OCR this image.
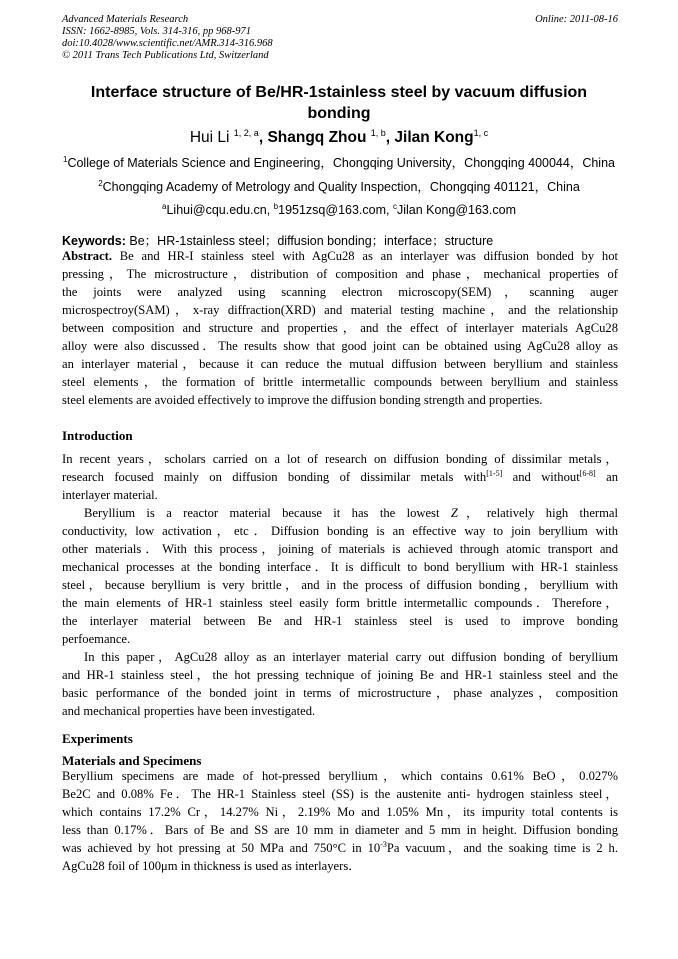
Advanced Materials Research
ISSN: 1662-8985, Vols. 314-316, pp 968-971
doi:10.4028/www.scientific.net/AMR.314-316.968
© 2011 Trans Tech Publications Ltd, Switzerland
Online: 2011-08-16
Interface structure of Be/HR-1stainless steel by vacuum diffusion
bonding
Hui Li $^{1, 2, a}$, Shangq Zhou $^{1, b}$, Jilan Kong$^{1, c}$
$^1$College of Materials Science and Engineering，Chongqing University，Chongqing 400044，China
$^2$Chongqing Academy of Metrology and Quality Inspection，Chongqing 401121，China
$^a$Lihui@cqu.edu.cn, $^b$1951zsq@163.com, $^c$Jilan Kong@163.com
Keywords: Be；HR-1stainless steel；diffusion bonding；interface；structure
Abstract. Be and HR-I stainless steel with AgCu28 as an interlayer was diffusion bonded by hot
pressing，The microstructure，distribution of composition and phase，mechanical properties of
the joints were analyzed using scanning electron microscopy(SEM)，scanning auger
microspectroy(SAM)，x-ray diffraction(XRD) and material testing machine，and the relationship
between composition and structure and properties，and the effect of interlayer materials AgCu28
alloy were also discussed．The results show that good joint can be obtained using AgCu28 alloy as
an interlayer material，because it can reduce the mutual diffusion between beryllium and stainless
steel elements，the formation of brittle intermetallic compounds between beryllium and stainless
steel elements are avoided effectively to improve the diffusion bonding strength and properties.
Introduction
In recent years，scholars carried on a lot of research on diffusion bonding of dissimilar metals，
research focused mainly on diffusion bonding of dissimilar metals with[1-5] and without[6-8] an
interlayer material.
Beryllium is a reactor material because it has the lowest Z，relatively high thermal
conductivity, low activation，etc．Diffusion bonding is an effective way to join beryllium with
other materials．With this process，joining of materials is achieved through atomic transport and
mechanical processes at the bonding interface．It is difficult to bond beryllium with HR-1 stainless
steel，because beryllium is very brittle，and in the process of diffusion bonding，beryllium with
the main elements of HR-1 stainless steel easily form brittle intermetallic compounds．Therefore，
the interlayer material between Be and HR-1 stainless steel is used to improve bonding
perfoemance.
In this paper，AgCu28 alloy as an interlayer material carry out diffusion bonding of beryllium
and HR-1 stainless steel，the hot pressing technique of joining Be and HR-1 stainless steel and the
basic performance of the bonded joint in terms of microstructure，phase analyzes，composition
and mechanical properties have been investigated.
Experiments
Materials and Specimens
Beryllium specimens are made of hot-pressed beryllium，which contains 0.61% BeO，0.027%
Be2C and 0.08% Fe．The HR-1 Stainless steel (SS) is the austenite anti- hydrogen stainless steel，
which contains 17.2% Cr，14.27% Ni，2.19% Mo and 1.05% Mn，its impurity total contents is
less than 0.17%．Bars of Be and SS are 10 mm in diameter and 5 mm in height. Diffusion bonding
was achieved by hot pressing at 50 MPa and 750°C in $10^{-3}Pa$ vacuum，and the soaking time is 2 h.
AgCu28 foil of 100μm in thickness is used as interlayers．
